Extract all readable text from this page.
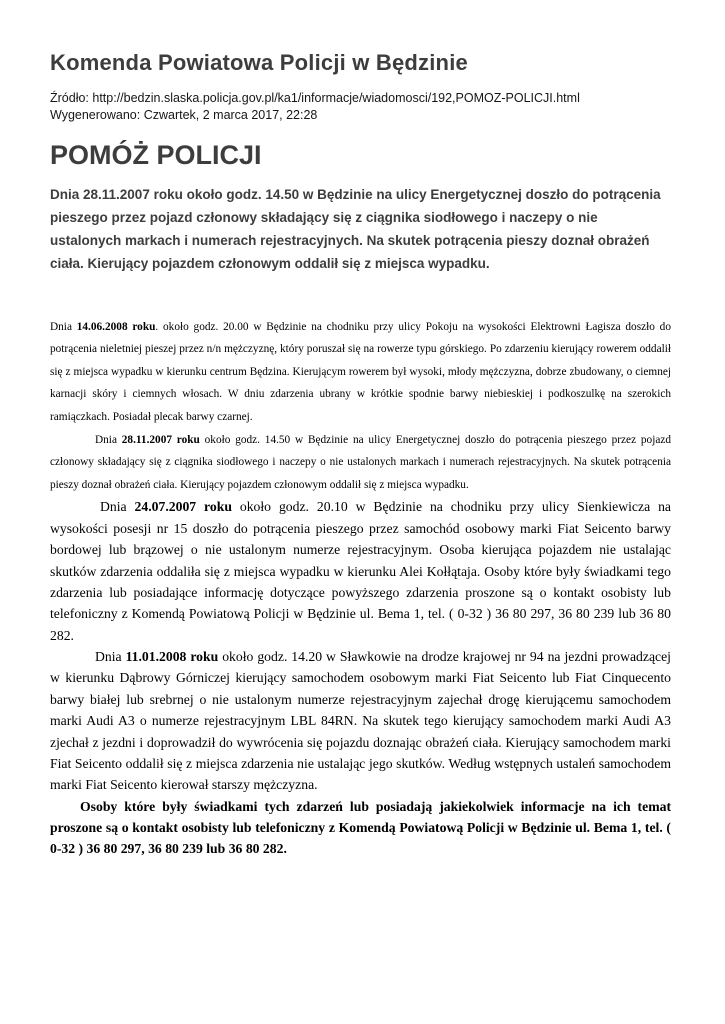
Komenda Powiatowa Policji w Będzinie

Źródło: http://bedzin.slaska.policja.gov.pl/ka1/informacje/wiadomosci/192,POMOZ-POLICJI.html

Wygenerowano: Czwartek, 2 marca 2017, 22:28

POMÓŻ POLICJI

Dnia 28.11.2007 roku około godz. 14.50 w Będzinie na ulicy Energetycznej doszło do potrącenia pieszego przez pojazd członowy składający się z ciągnika siodłowego i naczepy o nie ustalonych markach i numerach rejestracyjnych. Na skutek potrącenia pieszy doznał obrażeń ciała. Kierujący pojazdem członowym oddalił się z miejsca wypadku.

Dnia 14.06.2008 roku. około godz. 20.00 w Będzinie na chodniku przy ulicy Pokoju na wysokości Elektrowni Łagisza doszło do potrącenia nieletniej pieszej przez n/n mężczyznę, który poruszał się na rowerze typu górskiego. Po zdarzeniu kierujący rowerem oddalił się z miejsca wypadku w kierunku centrum Będzina. Kierującym rowerem był wysoki, młody mężczyzna, dobrze zbudowany, o ciemnej karnacji skóry i ciemnych włosach. W dniu zdarzenia ubrany w krótkie spodnie barwy niebieskiej i podkoszulkę na szerokich ramiączkach. Posiadał plecak barwy czarnej.

Dnia 28.11.2007 roku około godz. 14.50 w Będzinie na ulicy Energetycznej doszło do potrącenia pieszego przez pojazd członowy składający się z ciągnika siodłowego i naczepy o nie ustalonych markach i numerach rejestracyjnych. Na skutek potrącenia pieszy doznał obrażeń ciała. Kierujący pojazdem członowym oddalił się z miejsca wypadku.

Dnia 24.07.2007 roku około godz. 20.10 w Będzinie na chodniku przy ulicy Sienkiewicza na wysokości posesji nr 15 doszło do potrącenia pieszego przez samochód osobowy marki Fiat Seicento barwy bordowej lub brązowej o nie ustalonym numerze rejestracyjnym. Osoba kierująca pojazdem nie ustalając skutków zdarzenia oddaliła się z miejsca wypadku w kierunku Alei Kołłątaja. Osoby które były świadkami tego zdarzenia lub posiadające informację dotyczące powyższego zdarzenia proszone są o kontakt osobisty lub telefoniczny z Komendą Powiatową Policji w Będzinie ul. Bema 1, tel. ( 0-32 ) 36 80 297, 36 80 239 lub 36 80 282.

Dnia 11.01.2008 roku około godz. 14.20 w Sławkowie na drodze krajowej nr 94 na jezdni prowadzącej w kierunku Dąbrowy Górniczej kierujący samochodem osobowym marki Fiat Seicento lub Fiat Cinquecento barwy białej lub srebrnej o nie ustalonym numerze rejestracyjnym zajechał drogę kierującemu samochodem marki Audi A3 o numerze rejestracyjnym LBL 84RN. Na skutek tego kierujący samochodem marki Audi A3 zjechał z jezdni i doprowadził do wywrócenia się pojazdu doznając obrażeń ciała. Kierujący samochodem marki Fiat Seicento oddalił się z miejsca zdarzenia nie ustalając jego skutków. Według wstępnych ustaleń samochodem marki Fiat Seicento kierował starszy mężczyzna.

Osoby które były świadkami tych zdarzeń lub posiadają jakiekolwiek informacje na ich temat proszone są o kontakt osobisty lub telefoniczny z Komendą Powiatową Policji w Będzinie ul. Bema 1, tel. ( 0-32 ) 36 80 297, 36 80 239 lub 36 80 282.
